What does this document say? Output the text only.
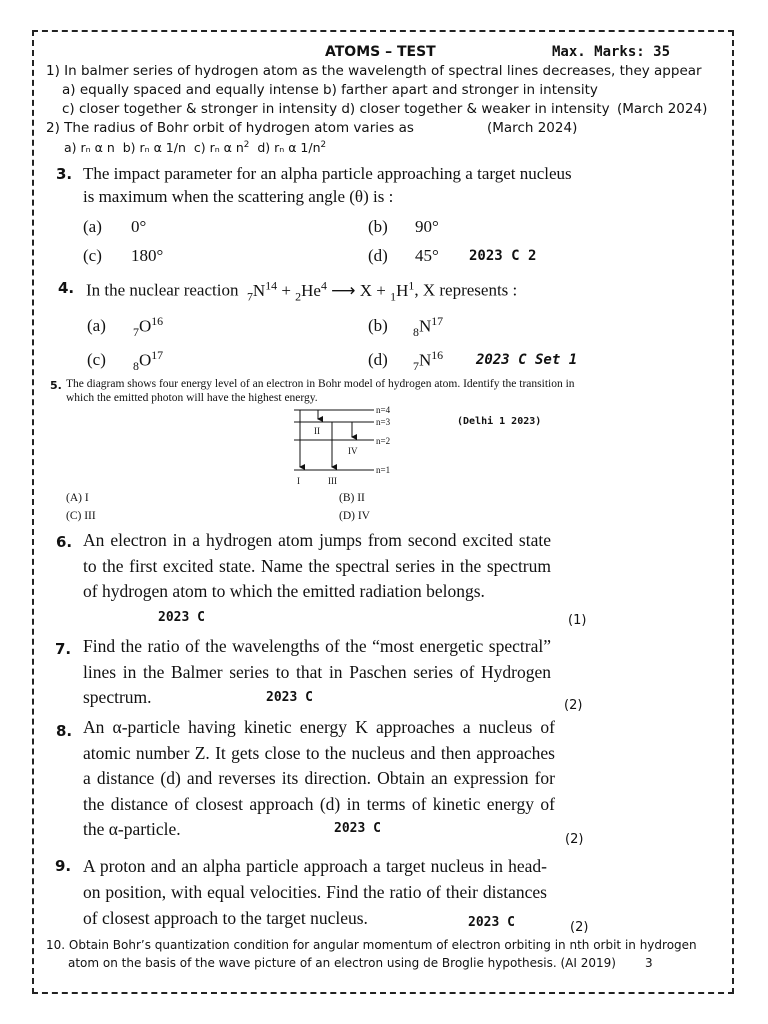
ATOMS – TEST	Max. Marks: 35
1) In balmer series of hydrogen atom as the wavelength of spectral lines decreases, they appear
a) equally spaced and equally intense b) farther apart and stronger in intensity
c) closer together & stronger in intensity d) closer together & weaker in intensity (March 2024)
2) The radius of Bohr orbit of hydrogen atom varies as	(March 2024)
a) rₙ α n b) rₙ α 1/n c) rₙ α $n^2$ d) rₙ α $1/n^2$
3. The impact parameter for an alpha particle approaching a target nucleus
is maximum when the scattering angle (θ) is :
(a) 0°	(b) 90°
(c) 180°	(d) 45° 2023 C 2
4. In the nuclear reaction $_7N^{14} + _2He^4$ ⟶ $X + _1H^1$, X represents :
(a) $_7O^{16}$	(b) $_8N^{17}$
(c) $_8O^{17}$	(d) $_7N^{16}$ 2023 C Set 1
5. The diagram shows four energy level of an electron in Bohr model of hydrogen atom. Identify the transition in
which the emitted photon will have the highest energy.
(Delhi 1 2023)
n=4
n=3
n=2
n=1
I
II
III
IV
(A) I	(B) II
(C) III	(D) IV
6. An electron in a hydrogen atom jumps from second excited state to the first excited state. Name the spectral series in the spectrum of hydrogen atom to which the emitted radiation belongs.
2023 C	(1)
7. Find the ratio of the wavelengths of the “most energetic spectral” lines in the Balmer series to that in Paschen series of Hydrogen spectrum.	2023 C
(2)
8. An α-particle having kinetic energy K approaches a nucleus of atomic number Z. It gets close to the nucleus and then approaches a distance (d) and reverses its direction. Obtain an expression for the distance of closest approach (d) in terms of kinetic energy of the α-particle.	2023 C
(2)
9. A proton and an alpha particle approach a target nucleus in head-on position, with equal velocities. Find the ratio of their distances of closest approach to the target nucleus.	2023 C	(2)
10. Obtain Bohr’s quantization condition for angular momentum of electron orbiting in nth orbit in hydrogen
atom on the basis of the wave picture of an electron using de Broglie hypothesis. (AI 2019) 3
